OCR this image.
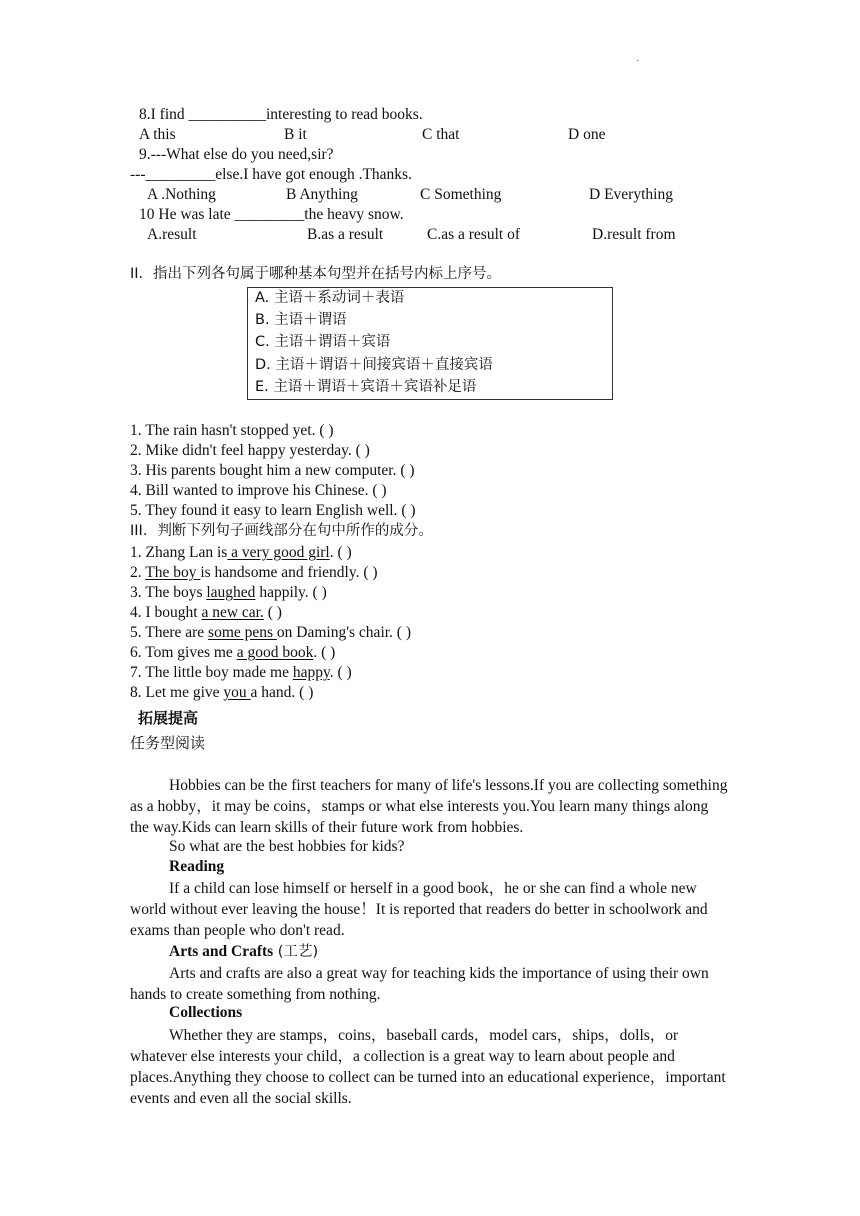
·
8.I find __________interesting to read books.
A this	B it	C that	D one
9.---What else do you need,sir?
---_________else.I have got enough .Thanks.
A .Nothing	B Anything	C Something	D Everything
10 He was late _________the heavy snow.
A.result	B.as a result	C.as a result of	D.result from
II．指出下列各句属于哪种基本句型并在括号内标上序号。
A. 主语＋系动词＋表语
B. 主语＋谓语
C. 主语＋谓语＋宾语
D. 主语＋谓语＋间接宾语＋直接宾语
E. 主语＋谓语＋宾语＋宾语补足语
1. The rain hasn't stopped yet. ( )
2. Mike didn't feel happy yesterday. ( )
3. His parents bought him a new computer. ( )
4. Bill wanted to improve his Chinese. ( )
5. They found it easy to learn English well. ( )
III．判断下列句子画线部分在句中所作的成分。
1. Zhang Lan is a very good girl. ( )
2. The boy is handsome and friendly. ( )
3. The boys laughed happily. ( )
4. I bought a new car. ( )
5. There are some pens on Daming's chair. ( )
6. Tom gives me a good book. ( )
7. The little boy made me happy. ( )
8. Let me give you a hand. ( )
拓展提高
任务型阅读
Hobbies can be the first teachers for many of life's lessons.If you are collecting something as a hobby，it may be coins，stamps or what else interests you.You learn many things along the way.Kids can learn skills of their future work from hobbies.
So what are the best hobbies for kids?
Reading
If a child can lose himself or herself in a good book，he or she can find a whole new world without ever leaving the house！It is reported that readers do better in schoolwork and exams than people who don't read.
Arts and Crafts (工艺)
Arts and crafts are also a great way for teaching kids the importance of using their own hands to create something from nothing.
Collections
Whether they are stamps，coins，baseball cards，model cars，ships，dolls，or whatever else interests your child，a collection is a great way to learn about people and places.Anything they choose to collect can be turned into an educational experience，important events and even all the social skills.
